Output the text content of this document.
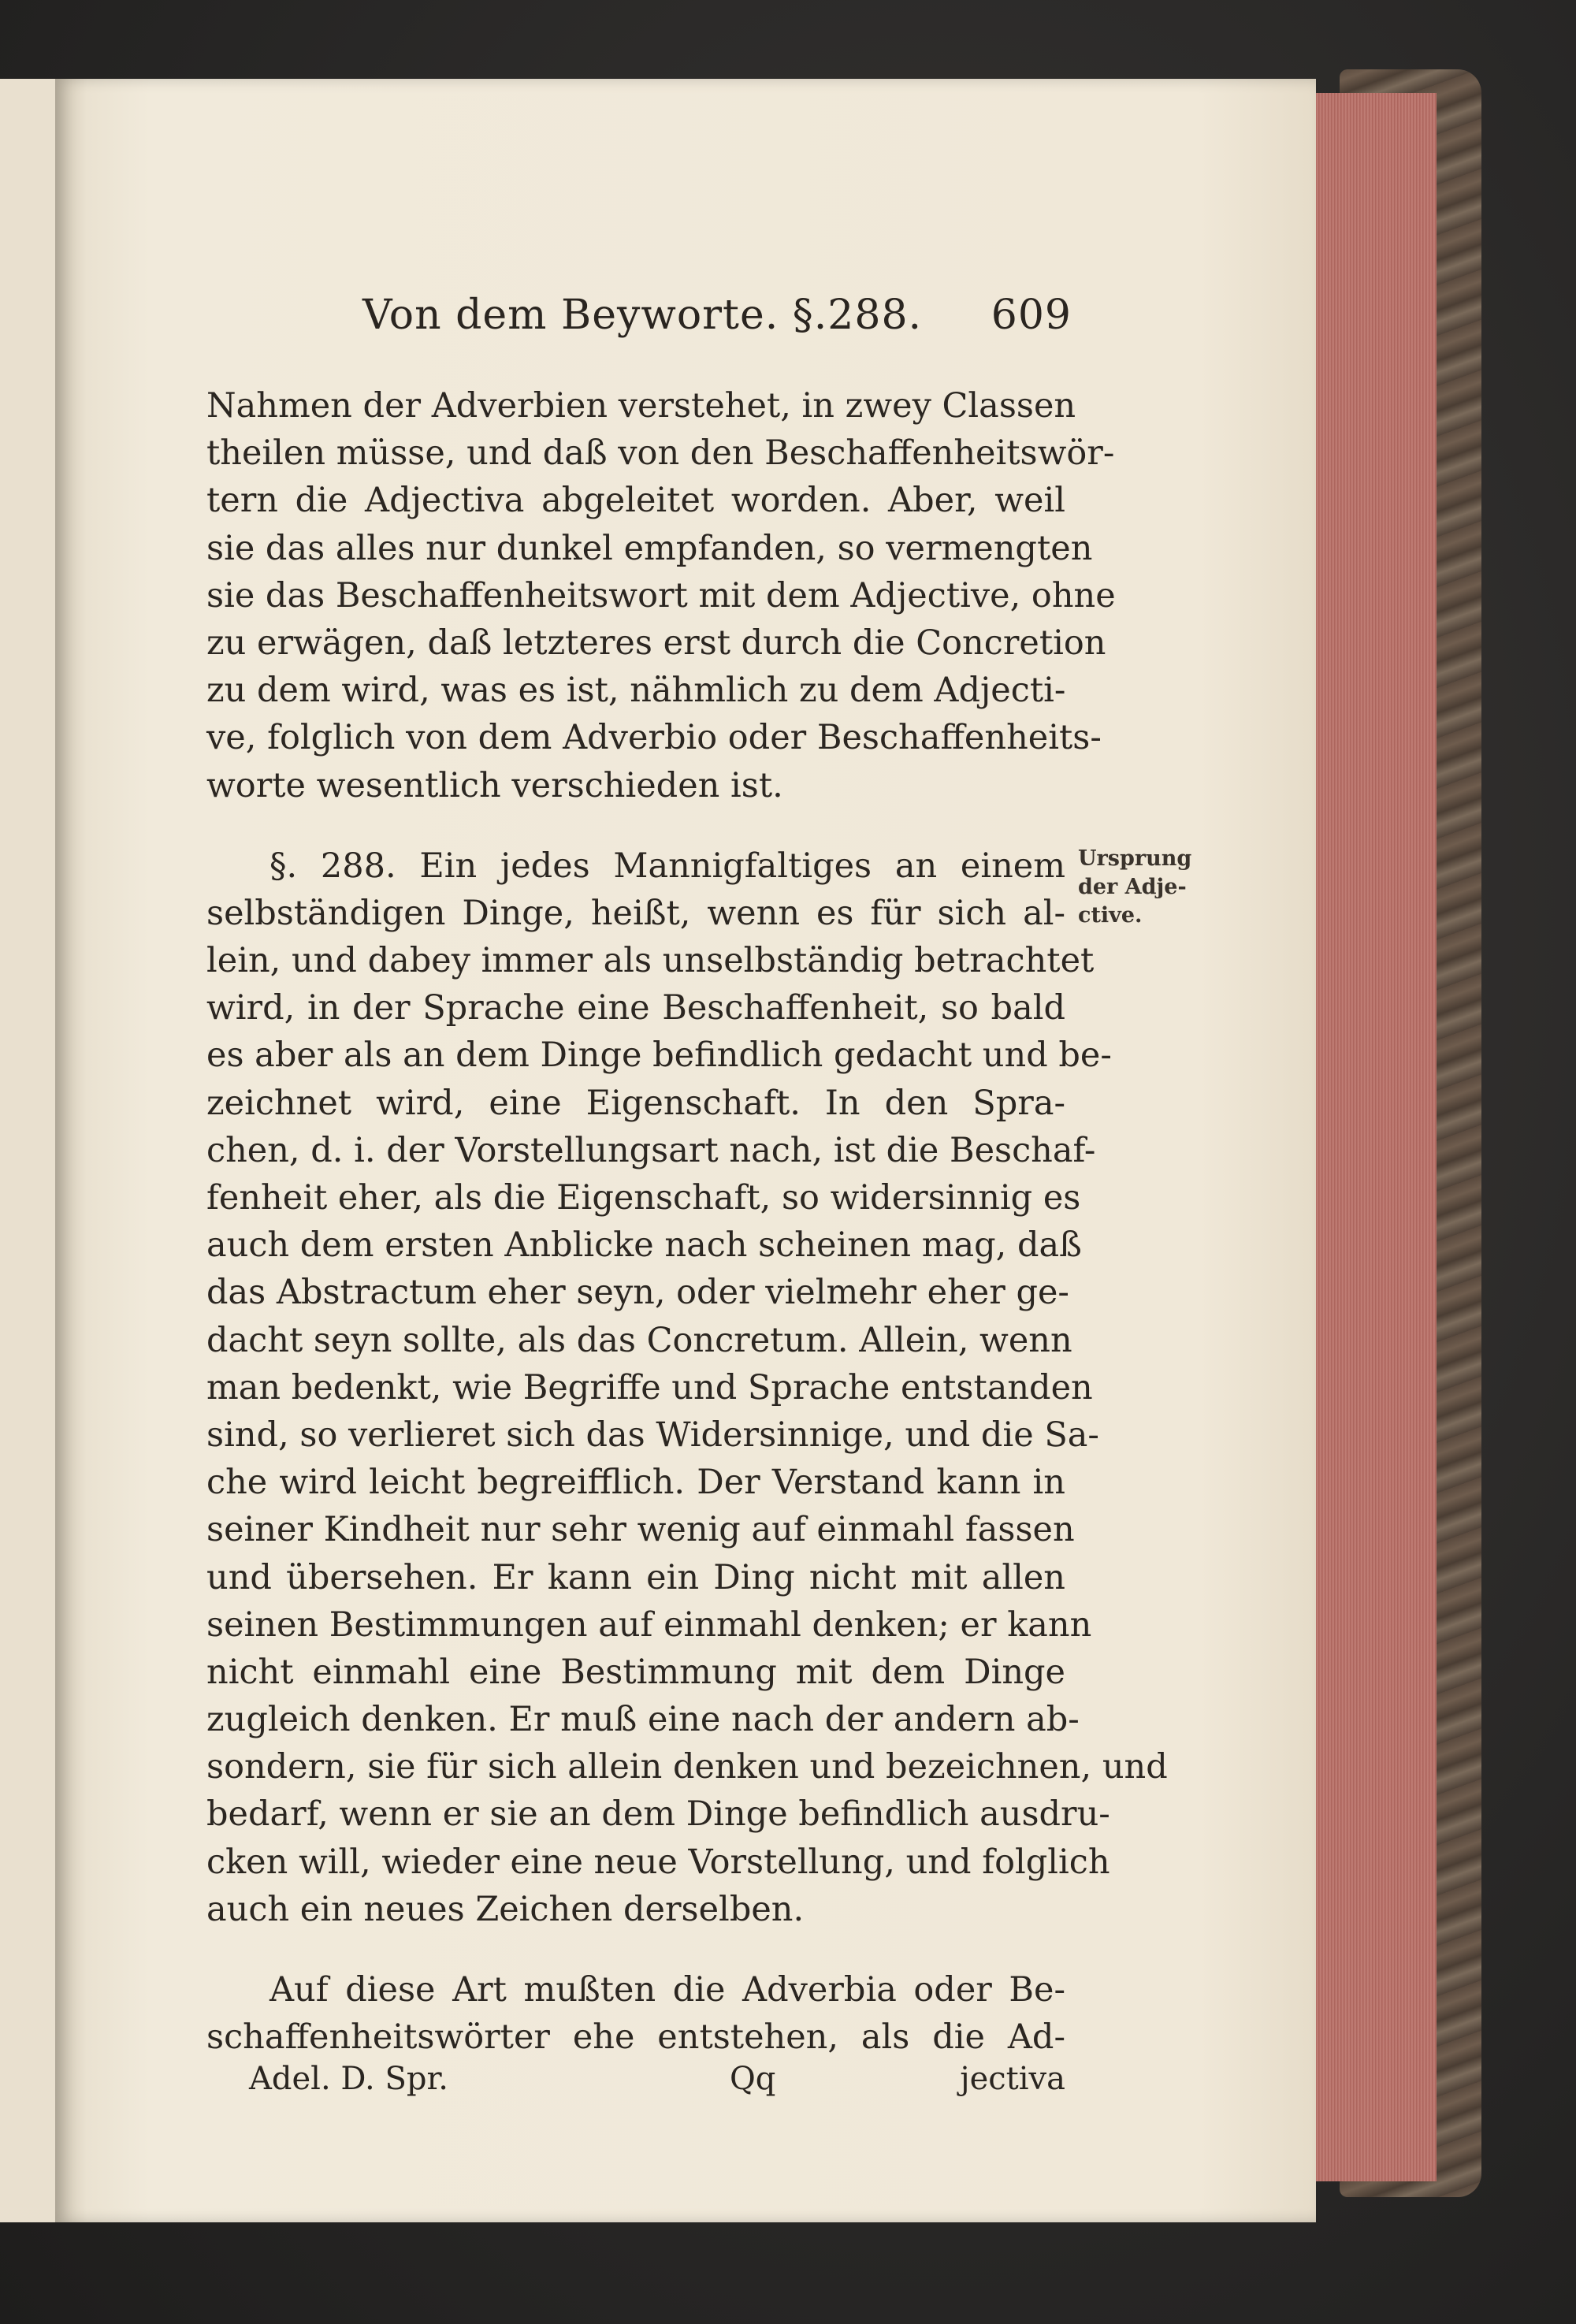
Von dem Beyworte. §.288. 609
Nahmen der Adverbien verstehet, in zwey Classen
theilen müsse, und daß von den Beschaffenheitswör-
tern die Adjectiva abgeleitet worden. Aber, weil
sie das alles nur dunkel empfanden, so vermengten
sie das Beschaffenheitswort mit dem Adjective, ohne
zu erwägen, daß letzteres erst durch die Concretion
zu dem wird, was es ist, nähmlich zu dem Adjecti-
ve, folglich von dem Adverbio oder Beschaffenheits-
worte wesentlich verschieden ist.
§. 288. Ein jedes Mannigfaltiges an einem
selbständigen Dinge, heißt, wenn es für sich al-
lein, und dabey immer als unselbständig betrachtet
wird, in der Sprache eine Beschaffenheit, so bald
es aber als an dem Dinge befindlich gedacht und be-
zeichnet wird, eine Eigenschaft. In den Spra-
chen, d. i. der Vorstellungsart nach, ist die Beschaf-
fenheit eher, als die Eigenschaft, so widersinnig es
auch dem ersten Anblicke nach scheinen mag, daß
das Abstractum eher seyn, oder vielmehr eher ge-
dacht seyn sollte, als das Concretum. Allein, wenn
man bedenkt, wie Begriffe und Sprache entstanden
sind, so verlieret sich das Widersinnige, und die Sa-
che wird leicht begreifflich. Der Verstand kann in
seiner Kindheit nur sehr wenig auf einmahl fassen
und übersehen. Er kann ein Ding nicht mit allen
seinen Bestimmungen auf einmahl denken; er kann
nicht einmahl eine Bestimmung mit dem Dinge
zugleich denken. Er muß eine nach der andern ab-
sondern, sie für sich allein denken und bezeichnen, und
bedarf, wenn er sie an dem Dinge befindlich ausdru-
cken will, wieder eine neue Vorstellung, und folglich
auch ein neues Zeichen derselben.
Auf diese Art mußten die Adverbia oder Be-
schaffenheitswörter ehe entstehen, als die Ad-
Ursprung
der Adje-
ctive.
Adel. D. Spr.	Qq	jectiva
